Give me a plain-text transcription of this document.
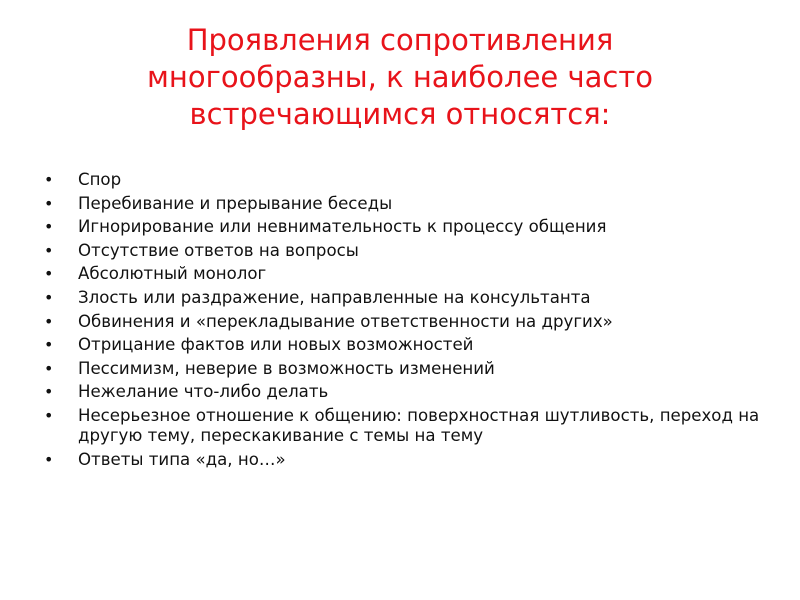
Проявления сопротивления
многообразны, к наиболее часто
встречающимся относятся:
• Спор
• Перебивание и прерывание беседы
• Игнорирование или невнимательность к процессу общения
• Отсутствие ответов на вопросы
• Абсолютный монолог
• Злость или раздражение, направленные на консультанта
• Обвинения и «перекладывание ответственности на других»
• Отрицание фактов или новых возможностей
• Пессимизм, неверие в возможность изменений
• Нежелание что-либо делать
• Несерьезное отношение к общению: поверхностная шутливость, переход на другую тему, перескакивание с темы на тему
• Ответы типа «да, но…»
